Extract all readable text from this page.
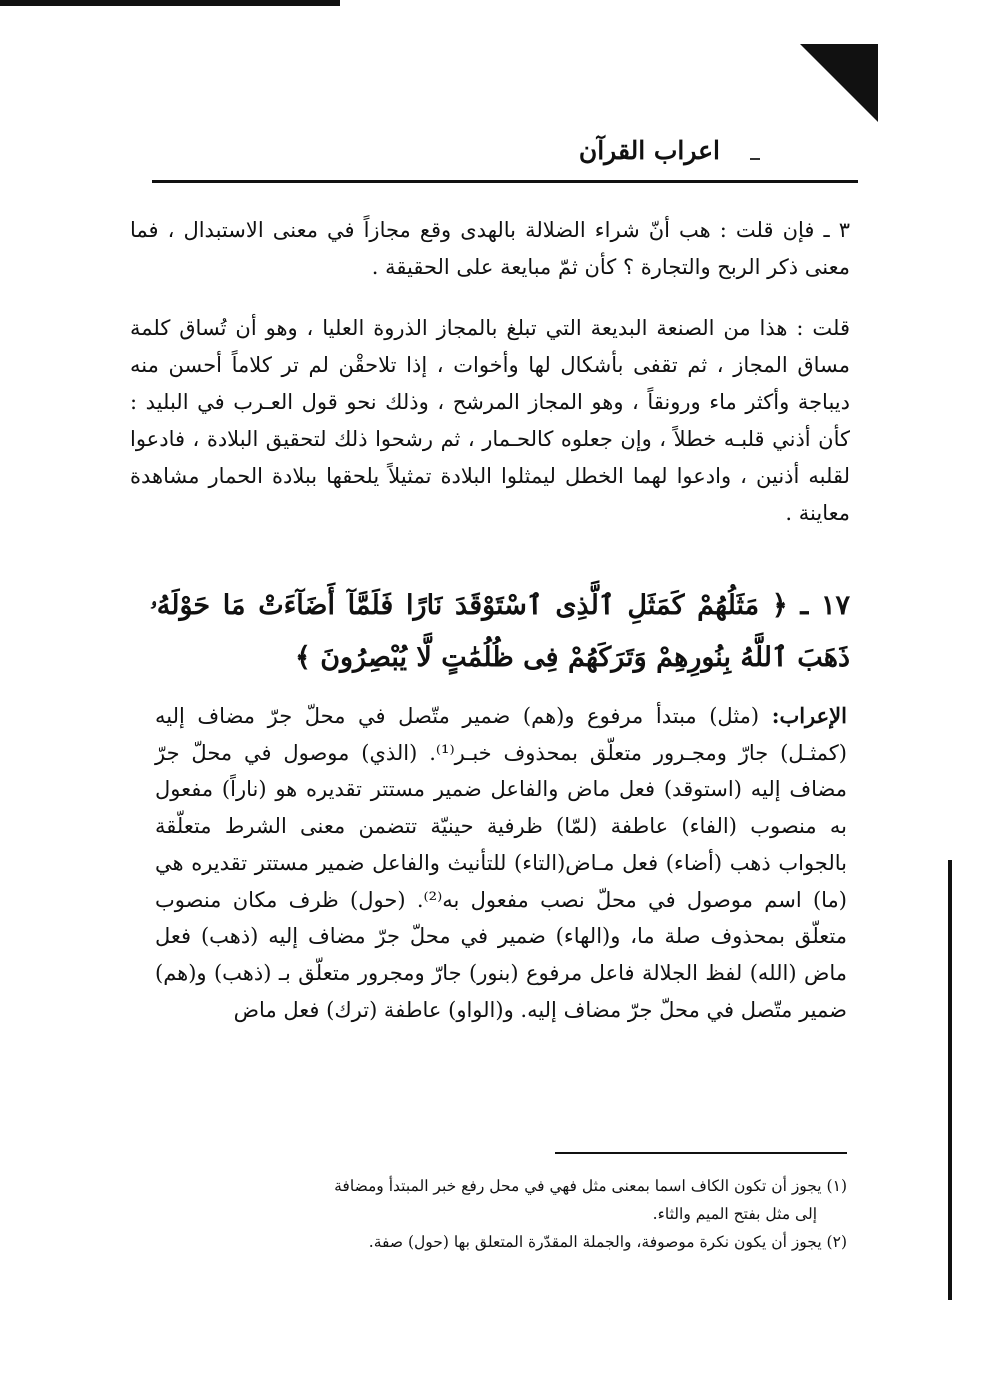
اعراب القرآن
٣ ـ فإن قلت : هب أنّ شراء الضلالة بالهدى وقع مجازاً في معنى الاستبدال ، فما معنى ذكر الربح والتجارة ؟ كأن ثمّ مبايعة على الحقيقة .
قلت : هذا من الصنعة البديعة التي تبلغ بالمجاز الذروة العليا ، وهو أن تُساق كلمة مساق المجاز ، ثم تقفى بأشكال لها وأخوات ، إذا تلاحقْن لم تر كلاماً أحسن منه ديباجة وأكثر ماء ورونقاً ، وهو المجاز المرشح ، وذلك نحو قول العـرب في البليد : كأن أذني قلبـه خطلاً ، وإن جعلوه كالحـمار ، ثم رشحوا ذلك لتحقيق البلادة ، فادعوا لقلبه أذنين ، وادعوا لهما الخطل ليمثلوا البلادة تمثيلاً يلحقها ببلادة الحمار مشاهدة معاينة .
١٧ ـ ﴿ مَثَلُهُمْ كَمَثَلِ ٱلَّذِى ٱسْتَوْقَدَ نَارًا فَلَمَّآ أَضَآءَتْ مَا حَوْلَهُۥ ذَهَبَ ٱللَّهُ بِنُورِهِمْ وَتَرَكَهُمْ فِى ظُلُمَٰتٍ لَّا يُبْصِرُونَ ﴾
الإعراب: (مثل) مبتدأ مرفوع و(هم) ضمير متّصل في محلّ جرّ مضاف إليه (كمثـل) جارّ ومجـرور متعلّق بمحذوف خبـر⁽¹⁾. (الذي) موصول في محلّ جرّ مضاف إليه (استوقد) فعل ماض والفاعل ضمير مستتر تقديره هو (ناراً) مفعول به منصوب (الفاء) عاطفة (لمّا) ظرفية حينيّة تتضمن معنى الشرط متعلّقة بالجواب ذهب (أضاء) فعل مـاض(التاء) للتأنيث والفاعل ضمير مستتر تقديره هي (ما) اسم موصول في محلّ نصب مفعول به⁽²⁾. (حول) ظرف مكان منصوب متعلّق بمحذوف صلة ما، و(الهاء) ضمير في محلّ جرّ مضاف إليه (ذهب) فعل ماض (الله) لفظ الجلالة فاعل مرفوع (بنور) جارّ ومجرور متعلّق بـ (ذهب) و(هم) ضمير متّصل في محلّ جرّ مضاف إليه. و(الواو) عاطفة (ترك) فعل ماض

(١) يجوز أن تكون الكاف اسما بمعنى مثل فهي في محل رفع خبر المبتدأ ومضافة

إلى مثل بفتح الميم والثاء.

(٢) يجوز أن يكون نكرة موصوفة، والجملة المقدّرة المتعلق بها (حول) صفة.
